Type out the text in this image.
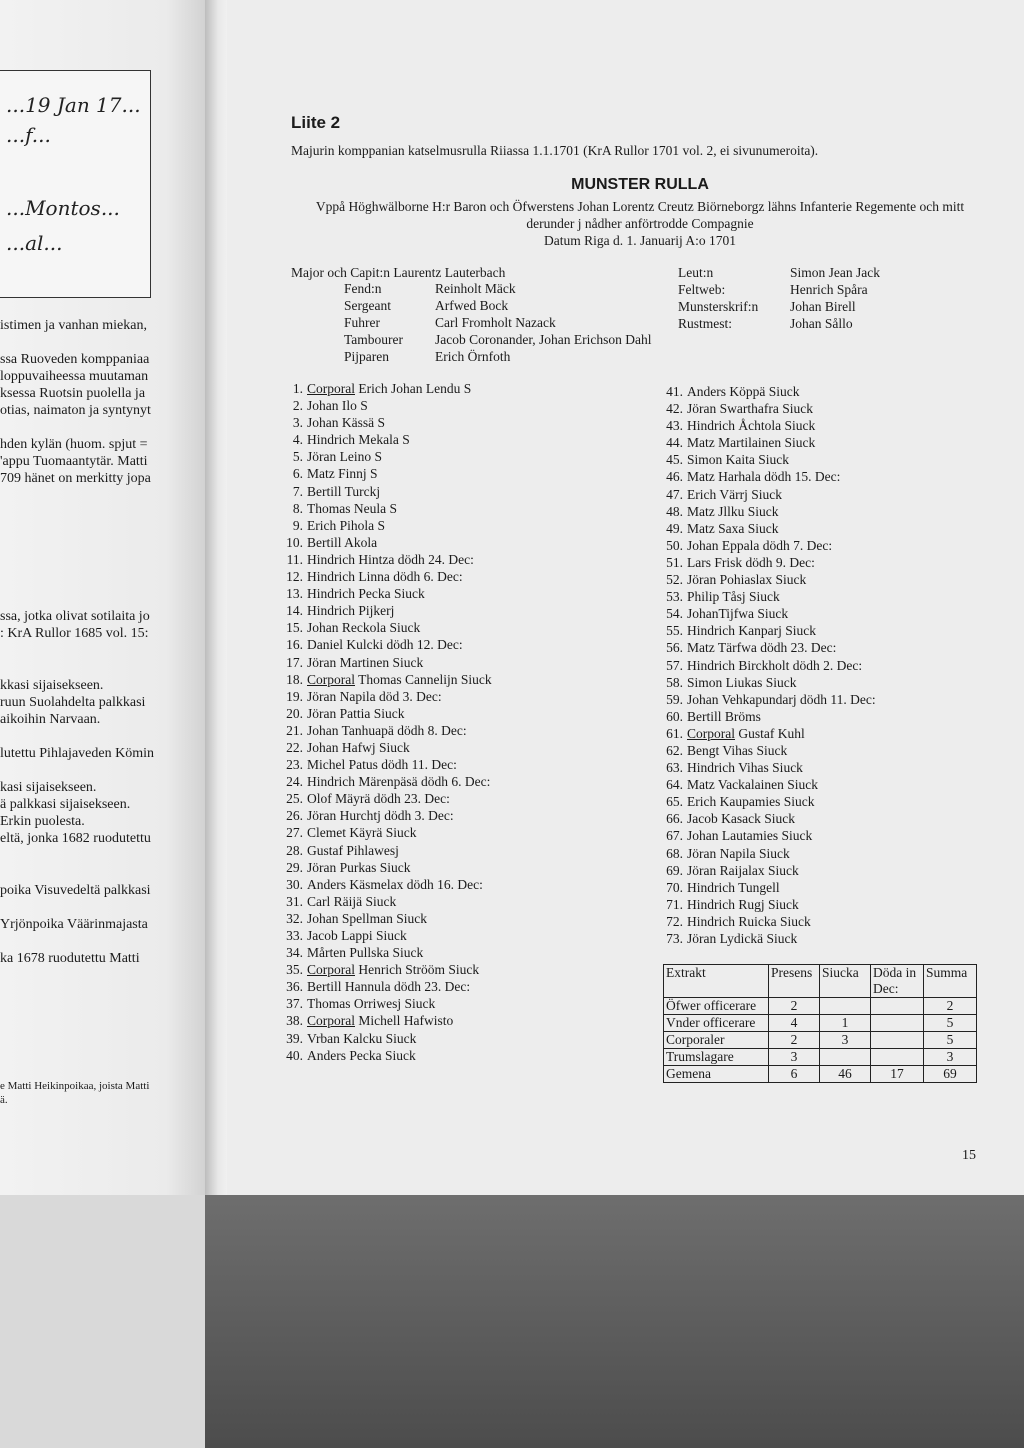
...19 Jan 17...
...f...
...Montos...
...al...
istimen ja vanhan miekan,
ssa Ruoveden komppaniaa
loppuvaiheessa muutaman
ksessa Ruotsin puolella ja
otias, naimaton ja syntynyt
hden kylän (huom. spjut =
'appu Tuomaantytär. Matti
709 hänet on merkitty jopa
ssa, jotka olivat sotilaita jo
: KrA Rullor 1685 vol. 15:
kkasi sijaisekseen.
ruun Suolahdelta palkkasi
aikoihin Narvaan.
lutettu Pihlajaveden Kömin
kasi sijaisekseen.
ä palkkasi sijaisekseen.
Erkin puolesta.
eltä, jonka 1682 ruodutettu
poika Visuvedeltä palkkasi
Yrjönpoika Väärinmajasta
ka 1678 ruodutettu Matti
e Matti Heikinpoikaa, joista Matti
ä.
Liite 2
Majurin komppanian katselmusrulla Riiassa 1.1.1701 (KrA Rullor 1701 vol. 2, ei sivunumeroita).
MUNSTER RULLA
Vppå Höghwälborne H:r Baron och Öfwerstens Johan Lorentz Creutz Biörneborgz lähns Infanterie Regemente och mitt
derunder j nådher anförtrodde Compagnie
Datum Riga d. 1. Januarij A:o 1701
Major och Capit:n Laurentz Lauterbach
Fend:n	Reinholt Mäck
Sergeant	Arfwed Bock
Fuhrer	Carl Fromholt Nazack
Tambourer Jacob Coronander, Johan Erichson Dahl
Pijparen	Erich Örnfoth
Leut:n	Simon Jean Jack
Feltweb:	Henrich Spåra
Munsterskrif:n Johan Birell
Rustmest:	Johan Sållo
1. Corporal Erich Johan Lendu S
2. Johan Ilo S
3. Johan Kässä S
4. Hindrich Mekala S
5. Jöran Leino S
6. Matz Finnj S
7. Bertill Turckj
8. Thomas Neula S
9. Erich Pihola S
10. Bertill Akola
11. Hindrich Hintza dödh 24. Dec:
12. Hindrich Linna dödh 6. Dec:
13. Hindrich Pecka Siuck
14. Hindrich Pijkerj
15. Johan Reckola Siuck
16. Daniel Kulcki dödh 12. Dec:
17. Jöran Martinen Siuck
18. Corporal Thomas Cannelijn Siuck
19. Jöran Napila död 3. Dec:
20. Jöran Pattia Siuck
21. Johan Tanhuapä dödh 8. Dec:
22. Johan Hafwj Siuck
23. Michel Patus dödh 11. Dec:
24. Hindrich Märenpäsä dödh 6. Dec:
25. Olof Mäyrä dödh 23. Dec:
26. Jöran Hurchtj dödh 3. Dec:
27. Clemet Käyrä Siuck
28. Gustaf Pihlawesj
29. Jöran Purkas Siuck
30. Anders Käsmelax dödh 16. Dec:
31. Carl Räijä Siuck
32. Johan Spellman Siuck
33. Jacob Lappi Siuck
34. Mårten Pullska Siuck
35. Corporal Henrich Strööm Siuck
36. Bertill Hannula dödh 23. Dec:
37. Thomas Orriwesj Siuck
38. Corporal Michell Hafwisto
39. Vrban Kalcku Siuck
40. Anders Pecka Siuck
41. Anders Köppä Siuck
42. Jöran Swarthafra Siuck
43. Hindrich Åchtola Siuck
44. Matz Martilainen Siuck
45. Simon Kaita Siuck
46. Matz Harhala dödh 15. Dec:
47. Erich Värrj Siuck
48. Matz Jllku Siuck
49. Matz Saxa Siuck
50. Johan Eppala dödh 7. Dec:
51. Lars Frisk dödh 9. Dec:
52. Jöran Pohiaslax Siuck
53. Philip Tåsj Siuck
54. JohanTijfwa Siuck
55. Hindrich Kanparj Siuck
56. Matz Tärfwa dödh 23. Dec:
57. Hindrich Birckholt dödh 2. Dec:
58. Simon Liukas Siuck
59. Johan Vehkapundarj dödh 11. Dec:
60. Bertill Bröms
61. Corporal Gustaf Kuhl
62. Bengt Vihas Siuck
63. Hindrich Vihas Siuck
64. Matz Vackalainen Siuck
65. Erich Kaupamies Siuck
66. Jacob Kasack Siuck
67. Johan Lautamies Siuck
68. Jöran Napila Siuck
69. Jöran Raijalax Siuck
70. Hindrich Tungell
71. Hindrich Rugj Siuck
72. Hindrich Ruicka Siuck
73. Jöran Lydickä Siuck
Extrakt	Presens	Siucka	Döda in Dec:	Summa
Öfwer officerare	2			2
Vnder officerare	4	1		5
Corporaler	2	3		5
Trumslagare	3			3
Gemena	6	46	17	69
15
